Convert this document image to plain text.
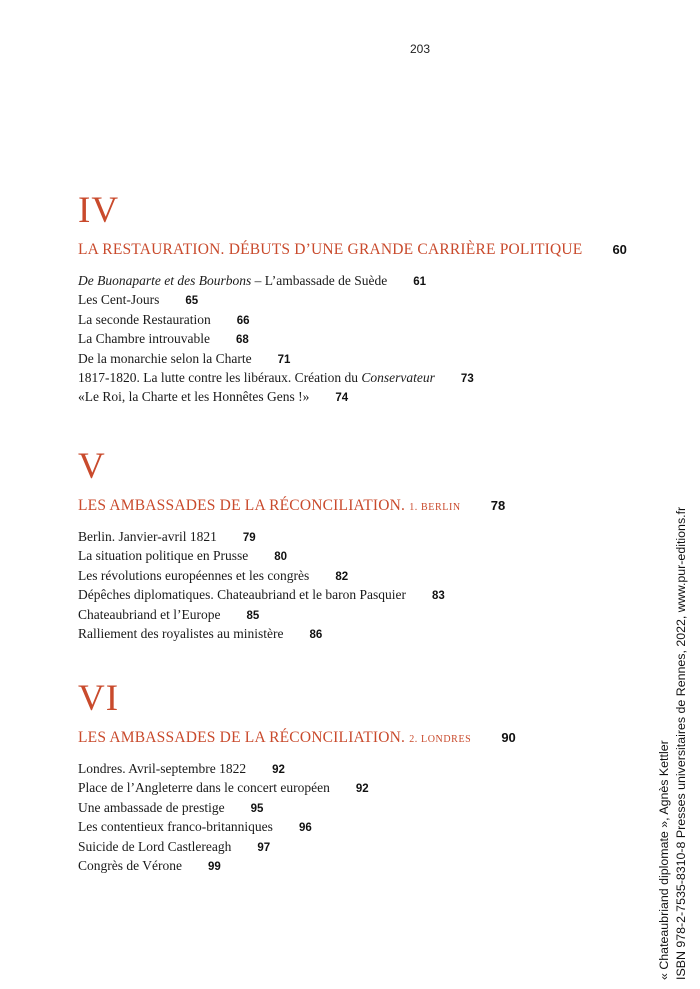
203
IV
LA RESTAURATION. DÉBUTS D’UNE GRANDE CARRIÈRE POLITIQUE 60
De Buonaparte et des Bourbons – L’ambassade de Suède 61
Les Cent-Jours 65
La seconde Restauration 66
La Chambre introuvable 68
De la monarchie selon la Charte 71
1817-1820. La lutte contre les libéraux. Création du Conservateur 73
«Le Roi, la Charte et les Honnêtes Gens !» 74
V
LES AMBASSADES DE LA RÉCONCILIATION. 1. BERLIN 78
Berlin. Janvier-avril 1821 79
La situation politique en Prusse 80
Les révolutions européennes et les congrès 82
Dépêches diplomatiques. Chateaubriand et le baron Pasquier 83
Chateaubriand et l’Europe 85
Ralliement des royalistes au ministère 86
VI
LES AMBASSADES DE LA RÉCONCILIATION. 2. LONDRES 90
Londres. Avril-septembre 1822 92
Place de l’Angleterre dans le concert européen 92
Une ambassade de prestige 95
Les contentieux franco-britanniques 96
Suicide de Lord Castlereagh 97
Congrès de Vérone 99	« Chateaubriand diplomate », Agnès Kettler ISBN 978-2-7535-8310-8 Presses universitaires de Rennes, 2022, www.pur-editions.fr
